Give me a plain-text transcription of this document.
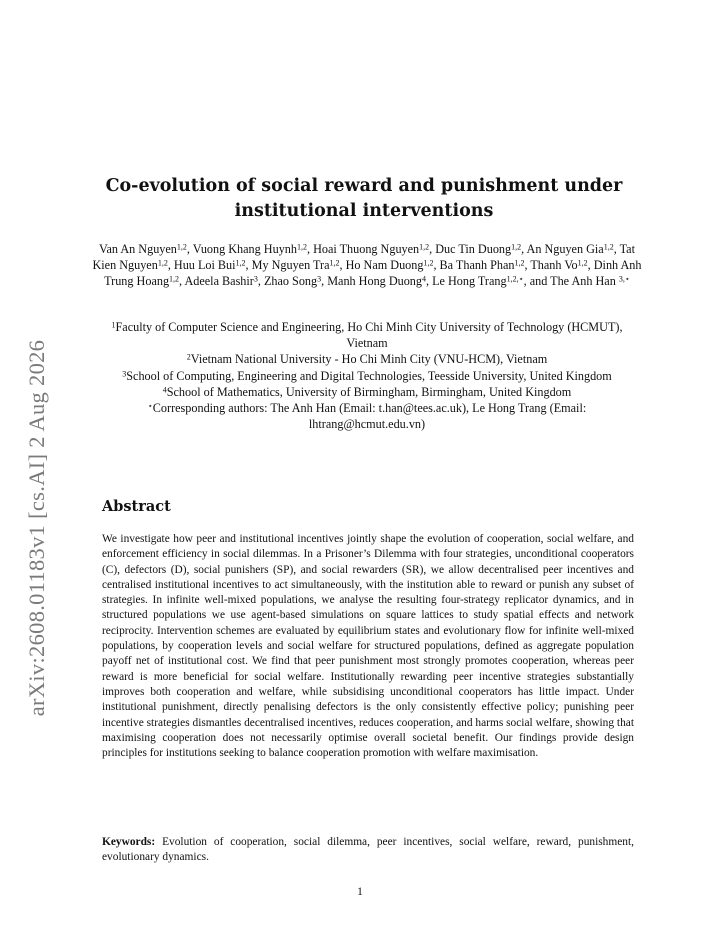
arXiv:2608.01183v1 [cs.AI] 2 Aug 2026
Co-evolution of social reward and punishment under
institutional interventions
Van An Nguyen$^{1,2}$, Vuong Khang Huynh$^{1,2}$, Hoai Thuong Nguyen$^{1,2}$, Duc Tin Duong$^{1,2}$, An Nguyen Gia$^{1,2}$, Tat Kien Nguyen$^{1,2}$, Huu Loi Bui$^{1,2}$, My Nguyen Tra$^{1,2}$, Ho Nam Duong$^{1,2}$, Ba Thanh Phan$^{1,2}$, Thanh Vo$^{1,2}$, Dinh Anh Trung Hoang$^{1,2}$, Adeela Bashir$^3$, Zhao Song$^3$, Manh Hong Duong$^4$, Le Hong Trang$^{1,2,⋆}$, and The Anh Han $^{3,⋆}$
$^1$Faculty of Computer Science and Engineering, Ho Chi Minh City University of Technology (HCMUT), Vietnam
$^2$Vietnam National University - Ho Chi Minh City (VNU-HCM), Vietnam
$^3$School of Computing, Engineering and Digital Technologies, Teesside University, United Kingdom
$^4$School of Mathematics, University of Birmingham, Birmingham, United Kingdom
⋆Corresponding authors: The Anh Han (Email: t.han@tees.ac.uk), Le Hong Trang (Email: lhtrang@hcmut.edu.vn)
Abstract

We investigate how peer and institutional incentives jointly shape the evolution of cooperation, social welfare, and enforcement efficiency in social dilemmas. In a Prisoner’s Dilemma with four strategies, unconditional cooperators (C), defectors (D), social punishers (SP), and social rewarders (SR), we allow decentralised peer incentives and centralised institutional incentives to act simultaneously, with the institution able to reward or punish any subset of strategies. In infinite well-mixed populations, we analyse the resulting four-strategy replicator dynamics, and in structured populations we use agent-based simulations on square lattices to study spatial effects and network reciprocity. Intervention schemes are evaluated by equilibrium states and evolutionary flow for infinite well-mixed populations, by cooperation levels and social welfare for structured populations, defined as aggregate population payoff net of institutional cost. We find that peer punishment most strongly promotes cooperation, whereas peer reward is more beneficial for social welfare. Institutionally rewarding peer incentive strategies substantially improves both cooperation and welfare, while subsidising unconditional cooperators has little impact. Under institutional punishment, directly penalising defectors is the only consistently effective policy; punishing peer incentive strategies dismantles decentralised incentives, reduces cooperation, and harms social welfare, showing that maximising cooperation does not necessarily optimise overall societal benefit. Our findings provide design principles for institutions seeking to balance cooperation promotion with welfare maximisation.

Keywords: Evolution of cooperation, social dilemma, peer incentives, social welfare, reward, punishment, evolutionary dynamics.

1
